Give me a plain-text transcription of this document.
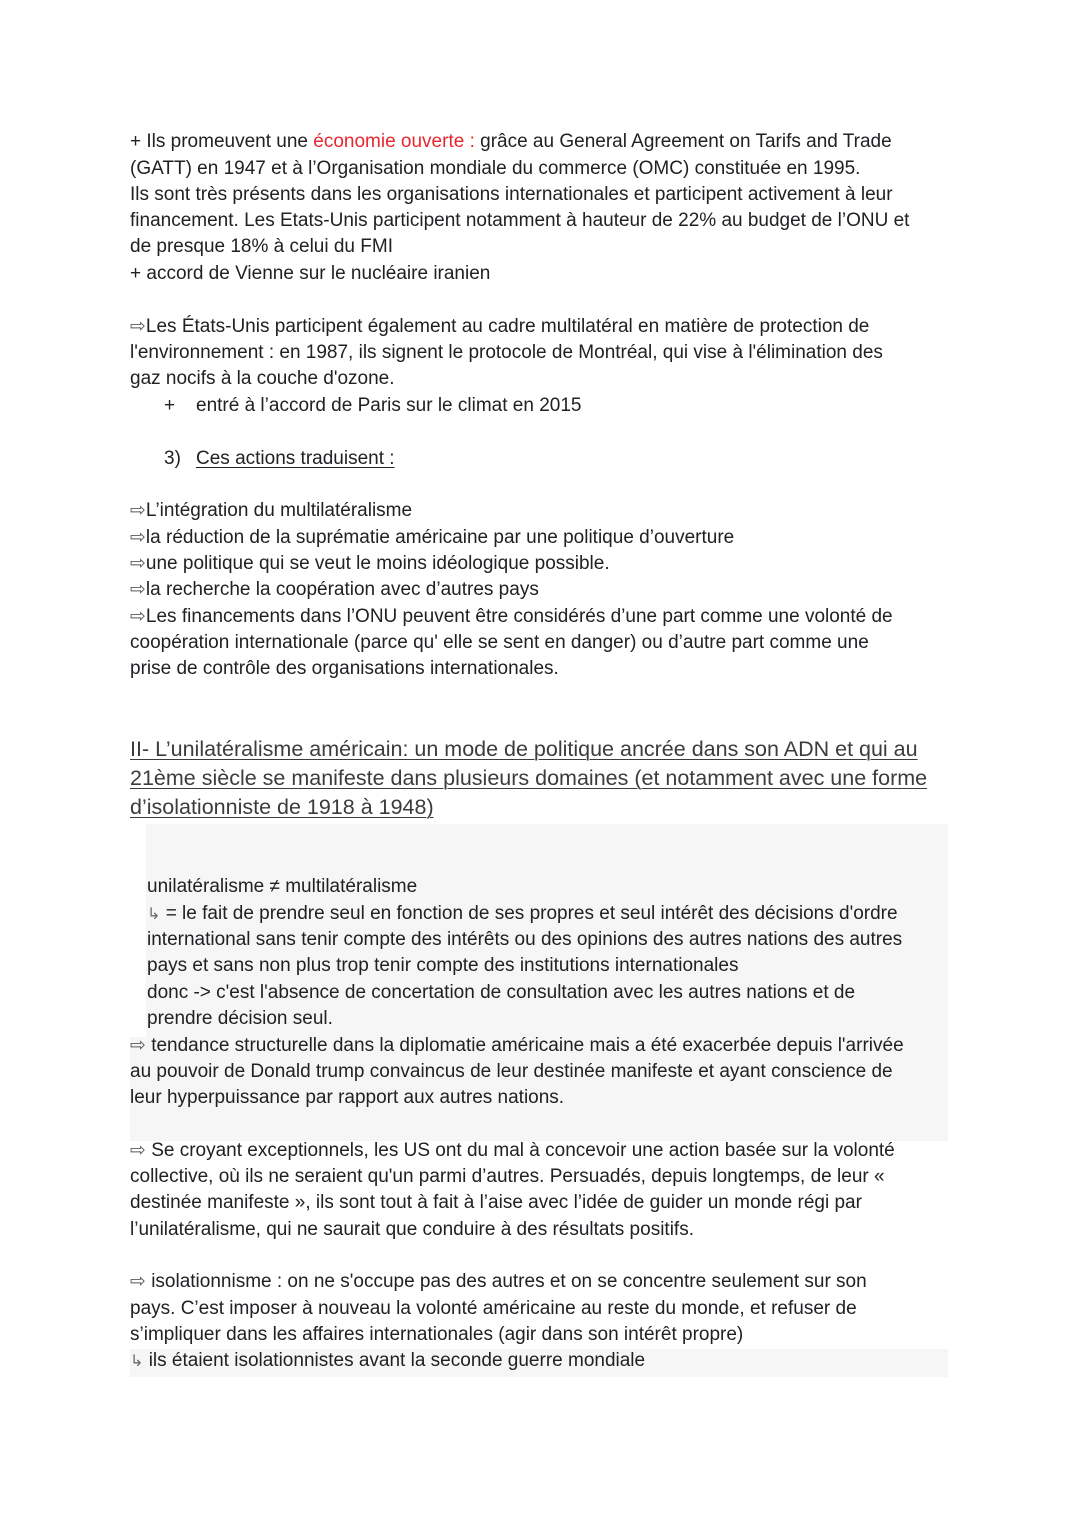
+ Ils promeuvent une économie ouverte : grâce au General Agreement on Tarifs and Trade
(GATT) en 1947 et à l’Organisation mondiale du commerce (OMC) constituée en 1995.
Ils sont très présents dans les organisations internationales et participent activement à leur
financement. Les Etats-Unis participent notamment à hauteur de 22% au budget de l’ONU et
de presque 18% à celui du FMI
+ accord de Vienne sur le nucléaire iranien
⇨Les États-Unis participent également au cadre multilatéral en matière de protection de
l'environnement : en 1987, ils signent le protocole de Montréal, qui vise à l'élimination des
gaz nocifs à la couche d'ozone.
+ entré à l’accord de Paris sur le climat en 2015
3) Ces actions traduisent :
⇨L’intégration du multilatéralisme
⇨la réduction de la suprématie américaine par une politique d’ouverture
⇨une politique qui se veut le moins idéologique possible.
⇨la recherche la coopération avec d’autres pays
⇨Les financements dans l’ONU peuvent être considérés d’une part comme une volonté de
coopération internationale (parce qu' elle se sent en danger) ou d’autre part comme une
prise de contrôle des organisations internationales.
II- L’unilatéralisme américain: un mode de politique ancrée dans son ADN et qui au
21ème siècle se manifeste dans plusieurs domaines (et notamment avec une forme
d’isolationniste de 1918 à 1948)
unilatéralisme ≠ multilatéralisme
↳ = le fait de prendre seul en fonction de ses propres et seul intérêt des décisions d'ordre
international sans tenir compte des intérêts ou des opinions des autres nations des autres
pays et sans non plus trop tenir compte des institutions internationales
donc -> c'est l'absence de concertation de consultation avec les autres nations et de
prendre décision seul.
⇨ tendance structurelle dans la diplomatie américaine mais a été exacerbée depuis l'arrivée
au pouvoir de Donald trump convaincus de leur destinée manifeste et ayant conscience de
leur hyperpuissance par rapport aux autres nations.
⇨ Se croyant exceptionnels, les US ont du mal à concevoir une action basée sur la volonté
collective, où ils ne seraient qu'un parmi d’autres. Persuadés, depuis longtemps, de leur «
destinée manifeste », ils sont tout à fait à l’aise avec l’idée de guider un monde régi par
l’unilatéralisme, qui ne saurait que conduire à des résultats positifs.
⇨ isolationnisme : on ne s'occupe pas des autres et on se concentre seulement sur son
pays. C’est imposer à nouveau la volonté américaine au reste du monde, et refuser de
s’impliquer dans les affaires internationales (agir dans son intérêt propre)
↳ ils étaient isolationnistes avant la seconde guerre mondiale
